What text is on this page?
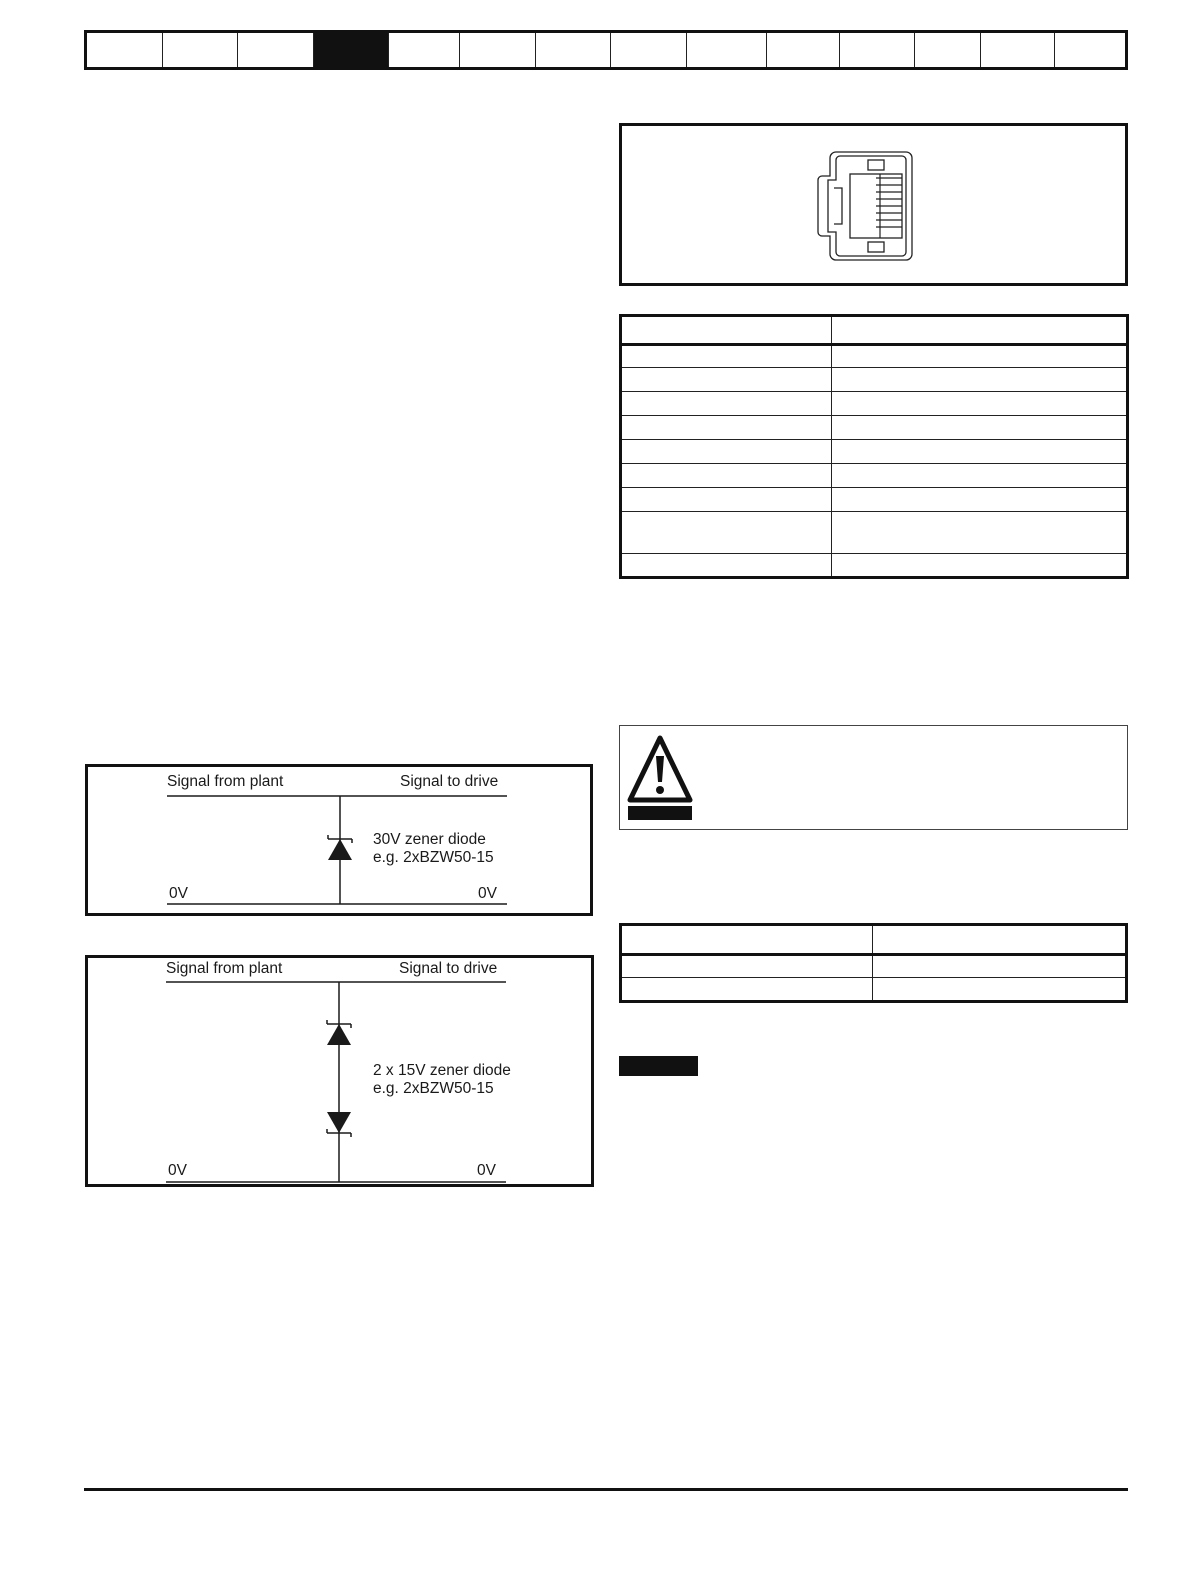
Signal from plant	Signal to drive
30V zener diode
e.g. 2xBZW50-15
0V	0V
Signal from plant	Signal to drive
2 x 15V zener diode
e.g. 2xBZW50-15
0V	0V
